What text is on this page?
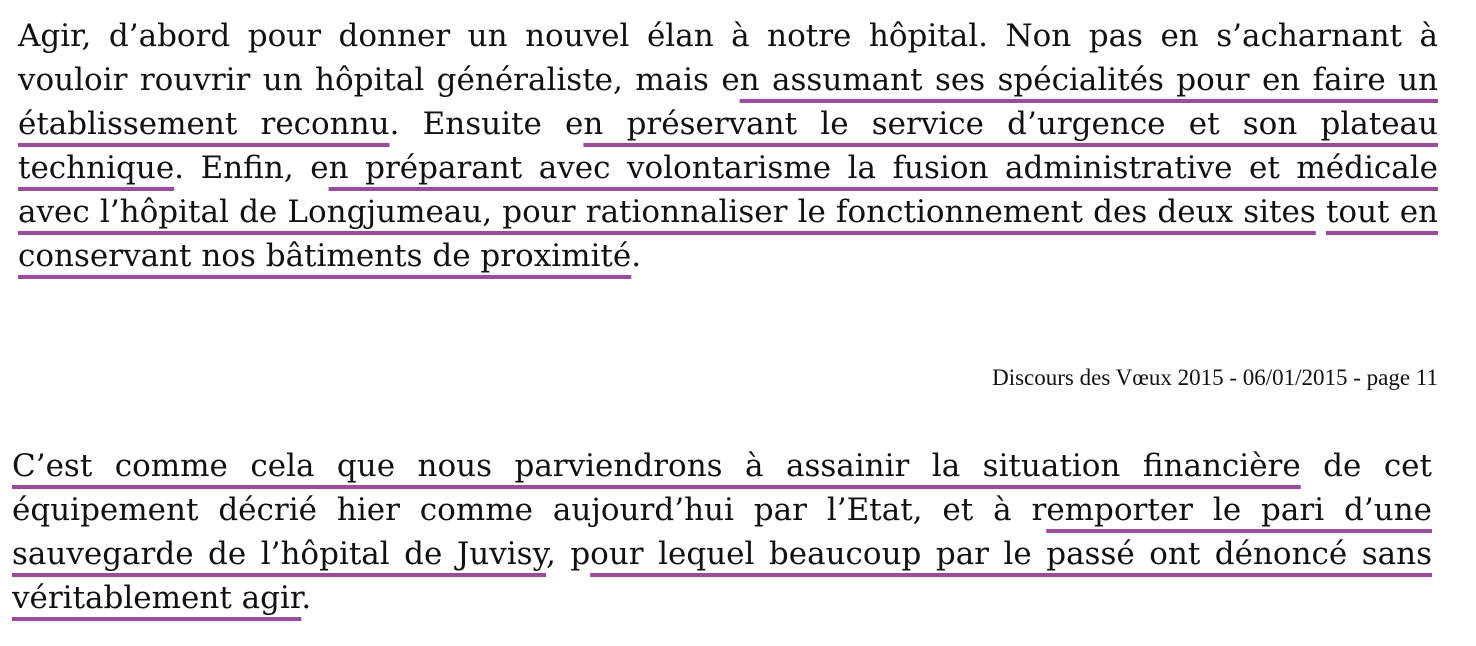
Agir, d’abord pour donner un nouvel élan à notre hôpital. Non pas en s’acharnant à vouloir rouvrir un hôpital généraliste, mais en assumant ses spécialités pour en faire un établissement reconnu. Ensuite en préservant le service d’urgence et son plateau technique. Enfin, en préparant avec volontarisme la fusion administrative et médicale avec l’hôpital de Longjumeau, pour rationnaliser le fonctionnement des deux sites tout en conservant nos bâtiments de proximité.

Discours des Vœux 2015 - 06/01/2015 - page 11

C’est comme cela que nous parviendrons à assainir la situation financière de cet équipement décrié hier comme aujourd’hui par l’Etat, et à remporter le pari d’une sauvegarde de l’hôpital de Juvisy, pour lequel beaucoup par le passé ont dénoncé sans véritablement agir.
